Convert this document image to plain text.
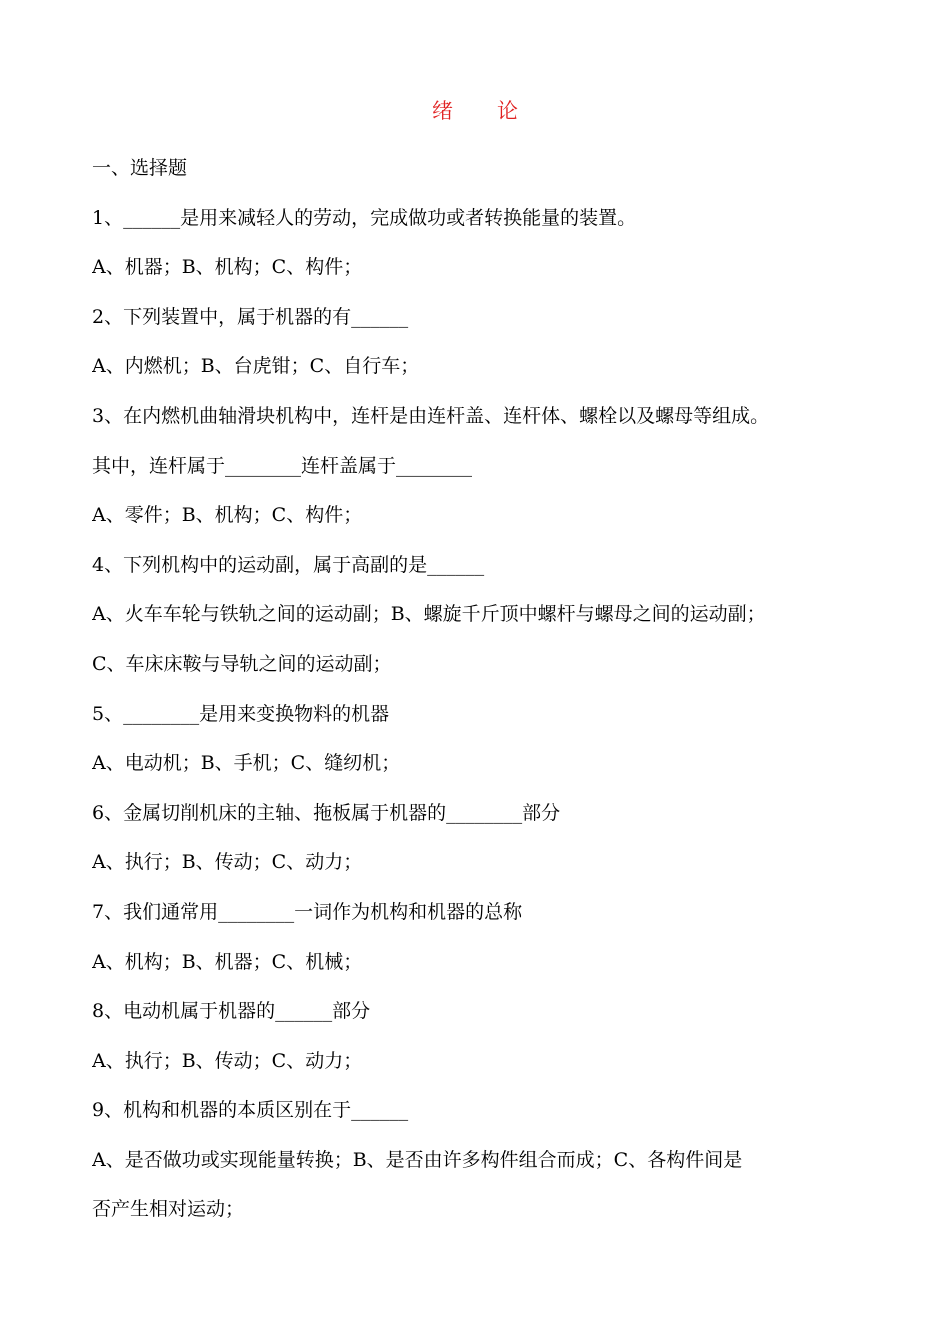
绪论
一、选择题
1、______是用来减轻人的劳动，完成做功或者转换能量的装置。
A、机器；B、机构；C、构件；
2、下列装置中，属于机器的有______
A、内燃机；B、台虎钳；C、自行车；
3、在内燃机曲轴滑块机构中，连杆是由连杆盖、连杆体、螺栓以及螺母等组成。
其中，连杆属于________连杆盖属于________
A、零件；B、机构；C、构件；
4、下列机构中的运动副，属于高副的是______
A、火车车轮与铁轨之间的运动副；B、螺旋千斤顶中螺杆与螺母之间的运动副；
C、车床床鞍与导轨之间的运动副；
5、________是用来变换物料的机器
A、电动机；B、手机；C、缝纫机；
6、金属切削机床的主轴、拖板属于机器的________部分
A、执行；B、传动；C、动力；
7、我们通常用________一词作为机构和机器的总称
A、机构；B、机器；C、机械；
8、电动机属于机器的______部分
A、执行；B、传动；C、动力；
9、机构和机器的本质区别在于______
A、是否做功或实现能量转换；B、是否由许多构件组合而成；C、各构件间是
否产生相对运动；
